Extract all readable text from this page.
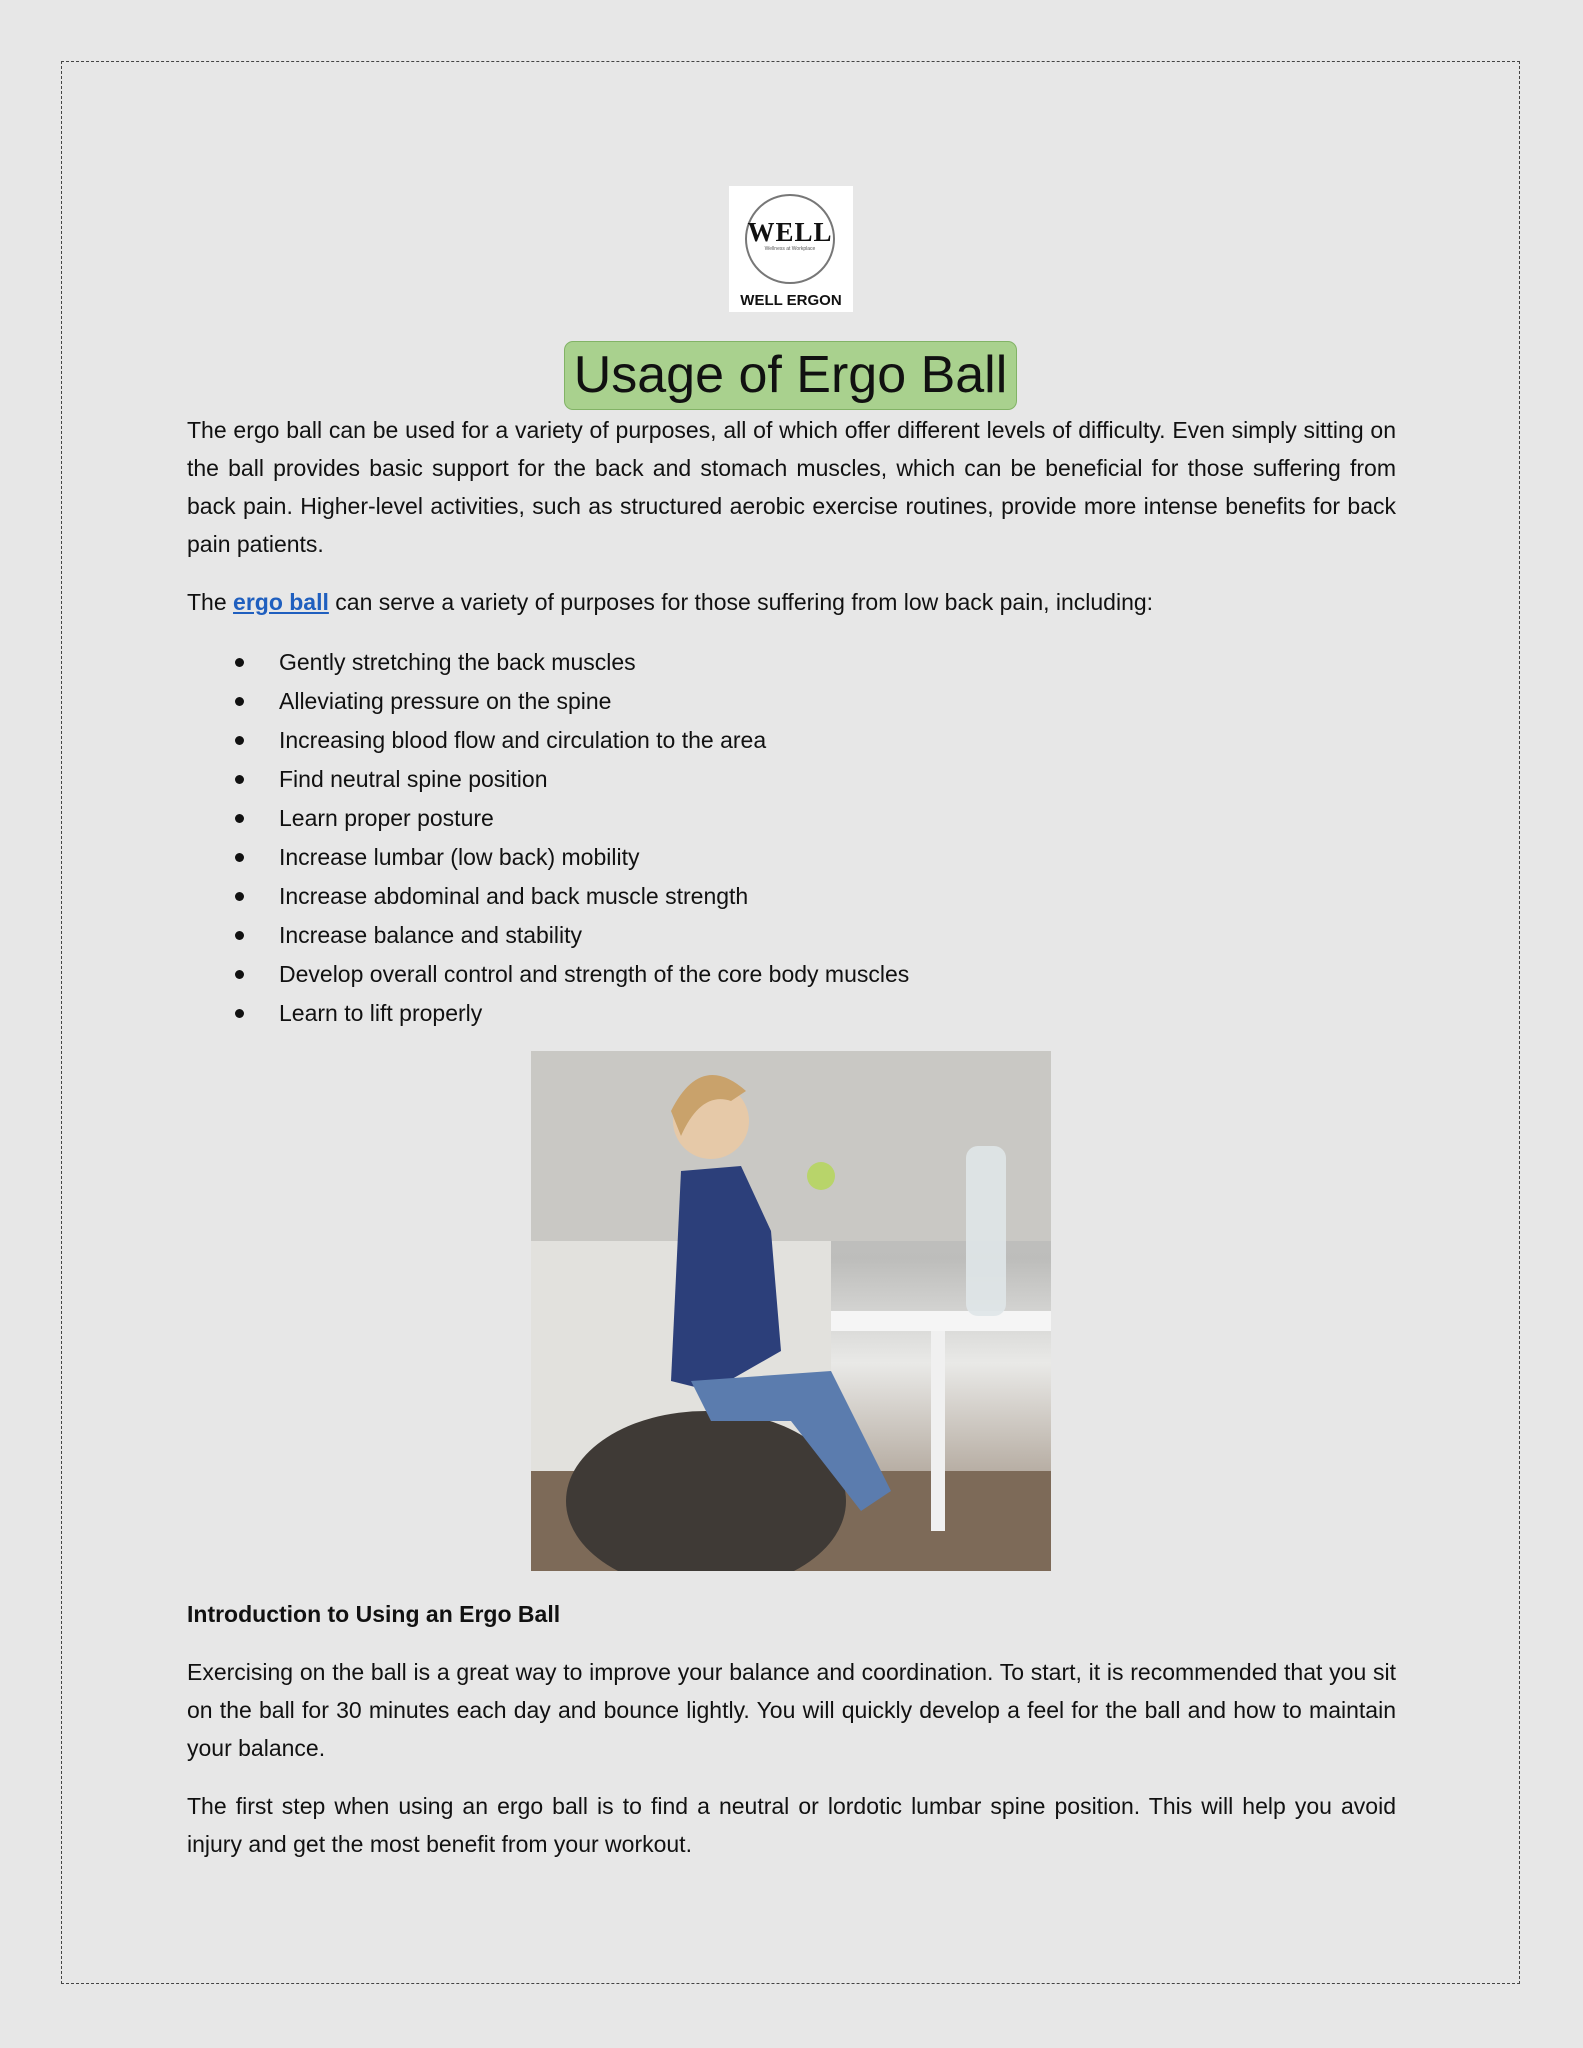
WELL
Wellness at Workplace
WELL ERGON
Usage of Ergo Ball

The ergo ball can be used for a variety of purposes, all of which offer different levels of difficulty. Even simply sitting on the ball provides basic support for the back and stomach muscles, which can be beneficial for those suffering from back pain. Higher-level activities, such as structured aerobic exercise routines, provide more intense benefits for back pain patients.

The ergo ball can serve a variety of purposes for those suffering from low back pain, including:
Gently stretching the back muscles
Alleviating pressure on the spine
Increasing blood flow and circulation to the area
Find neutral spine position
Learn proper posture
Increase lumbar (low back) mobility
Increase abdominal and back muscle strength
Increase balance and stability
Develop overall control and strength of the core body muscles
Learn to lift properly
Introduction to Using an Ergo Ball

Exercising on the ball is a great way to improve your balance and coordination. To start, it is recommended that you sit on the ball for 30 minutes each day and bounce lightly. You will quickly develop a feel for the ball and how to maintain your balance.

The first step when using an ergo ball is to find a neutral or lordotic lumbar spine position. This will help you avoid injury and get the most benefit from your workout.
